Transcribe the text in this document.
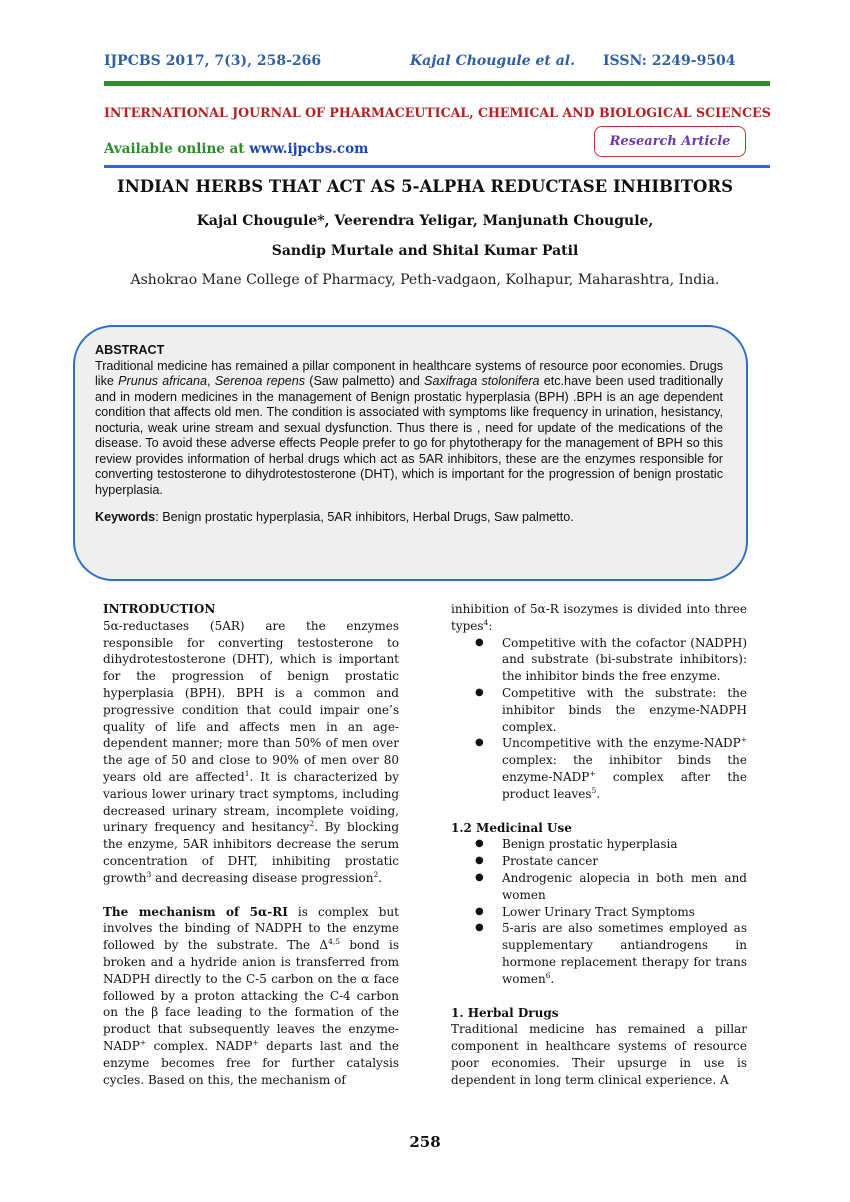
IJPCBS 2017, 7(3), 258-266	Kajal Chougule et al. ISSN: 2249-9504
INTERNATIONAL JOURNAL OF PHARMACEUTICAL, CHEMICAL AND BIOLOGICAL SCIENCES
Available online at www.ijpcbs.com	Research Article
INDIAN HERBS THAT ACT AS 5-ALPHA REDUCTASE INHIBITORS
Kajal Chougule*, Veerendra Yeligar, Manjunath Chougule,
Sandip Murtale and Shital Kumar Patil
Ashokrao Mane College of Pharmacy, Peth-vadgaon, Kolhapur, Maharashtra, India.
ABSTRACT
Traditional medicine has remained a pillar component in healthcare systems of resource poor economies. Drugs like Prunus africana, Serenoa repens (Saw palmetto) and Saxifraga stolonifera etc.have been used traditionally and in modern medicines in the management of Benign prostatic hyperplasia (BPH) .BPH is an age dependent condition that affects old men. The condition is associated with symptoms like frequency in urination, hesistancy, nocturia, weak urine stream and sexual dysfunction. Thus there is , need for update of the medications of the disease. To avoid these adverse effects People prefer to go for phytotherapy for the management of BPH so this review provides information of herbal drugs which act as 5AR inhibitors, these are the enzymes responsible for converting testosterone to dihydrotestosterone (DHT), which is important for the progression of benign prostatic hyperplasia.
Keywords: Benign prostatic hyperplasia, 5AR inhibitors, Herbal Drugs, Saw palmetto.
INTRODUCTION
5α-reductases (5AR) are the enzymes responsible for converting testosterone to dihydrotestosterone (DHT), which is important for the progression of benign prostatic hyperplasia (BPH). BPH is a common and progressive condition that could impair one’s quality of life and affects men in an age-dependent manner; more than 50% of men over the age of 50 and close to 90% of men over 80 years old are affected$^1$. It is characterized by various lower urinary tract symptoms, including decreased urinary stream, incomplete voiding, urinary frequency and hesitancy$^2$. By blocking the enzyme, 5AR inhibitors decrease the serum concentration of DHT, inhibiting prostatic growth$^3$ and decreasing disease progression$^2$.
The mechanism of 5α-RI is complex but involves the binding of NADPH to the enzyme followed by the substrate. The Δ$^{4,5}$ bond is broken and a hydride anion is transferred from NADPH directly to the C-5 carbon on the α face followed by a proton attacking the C-4 carbon on the β face leading to the formation of the product that subsequently leaves the enzyme-NADP+ complex. NADP+ departs last and the enzyme becomes free for further catalysis cycles. Based on this, the mechanism of
inhibition of 5α-R isozymes is divided into three types$^4$:
● Competitive with the cofactor (NADPH) and substrate (bi-substrate inhibitors): the inhibitor binds the free enzyme.
● Competitive with the substrate: the inhibitor binds the enzyme-NADPH complex.
● Uncompetitive with the enzyme-NADP+ complex: the inhibitor binds the enzyme-NADP+ complex after the product leaves$^5$.
1.2 Medicinal Use
● Benign prostatic hyperplasia
● Prostate cancer
● Androgenic alopecia in both men and women
● Lower Urinary Tract Symptoms
● 5-aris are also sometimes employed as supplementary antiandrogens in hormone replacement therapy for trans women$^6$.
1. Herbal Drugs
Traditional medicine has remained a pillar component in healthcare systems of resource poor economies. Their upsurge in use is dependent in long term clinical experience. A
258
